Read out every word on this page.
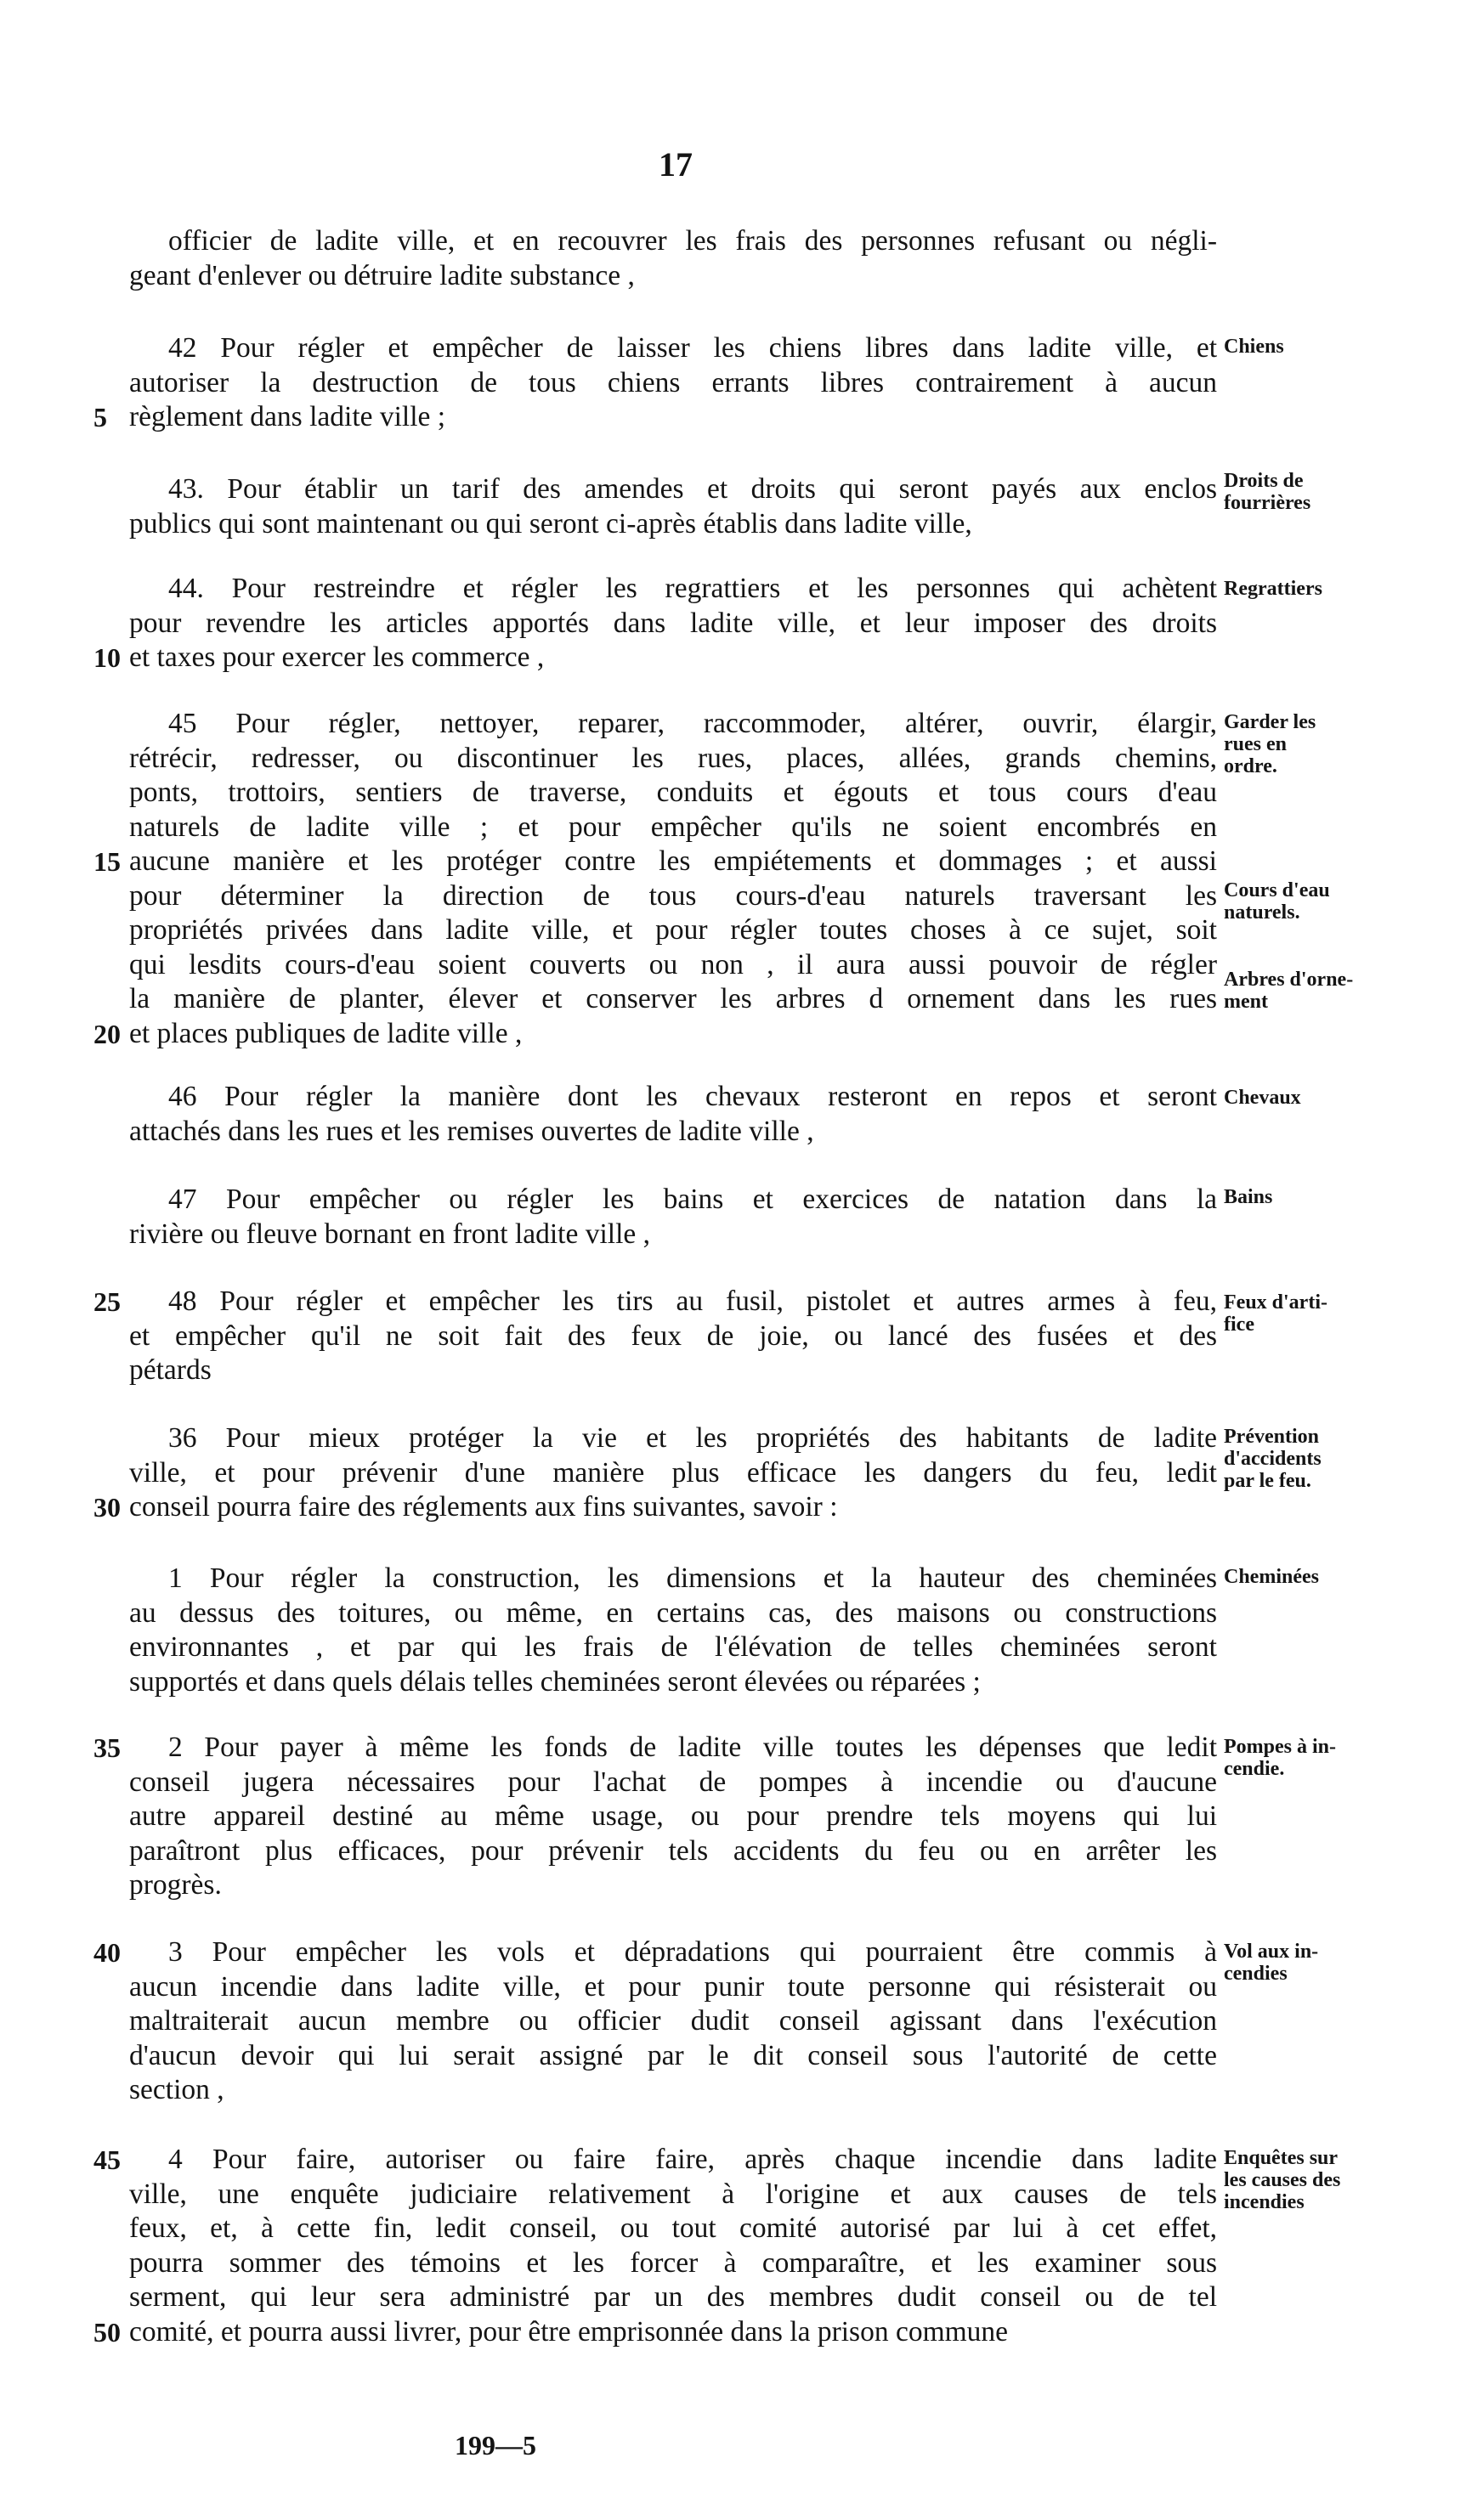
17
officier de ladite ville, et en recouvrer les frais des personnes refusant ou négli-
geant d'enlever ou détruire ladite substance ,
42 Pour régler et empêcher de laisser les chiens libres dans ladite ville, et
autoriser la destruction de tous chiens errants libres contrairement à aucun
règlement dans ladite ville ;
5
43. Pour établir un tarif des amendes et droits qui seront payés aux enclos
publics qui sont maintenant ou qui seront ci-après établis dans ladite ville,
44. Pour restreindre et régler les regrattiers et les personnes qui achètent
pour revendre les articles apportés dans ladite ville, et leur imposer des droits
et taxes pour exercer les commerce ,
10
45 Pour régler, nettoyer, reparer, raccommoder, altérer, ouvrir, élargir,
rétrécir, redresser, ou discontinuer les rues, places, allées, grands chemins,
ponts, trottoirs, sentiers de traverse, conduits et égouts et tous cours d'eau
naturels de ladite ville ; et pour empêcher qu'ils ne soient encombrés en
aucune manière et les protéger contre les empiétements et dommages ; et aussi
pour déterminer la direction de tous cours-d'eau naturels traversant les
propriétés privées dans ladite ville, et pour régler toutes choses à ce sujet, soit
qui lesdits cours-d'eau soient couverts ou non , il aura aussi pouvoir de régler
la manière de planter, élever et conserver les arbres d ornement dans les rues
et places publiques de ladite ville ,
15
20
46 Pour régler la manière dont les chevaux resteront en repos et seront
attachés dans les rues et les remises ouvertes de ladite ville ,
47 Pour empêcher ou régler les bains et exercices de natation dans la
rivière ou fleuve bornant en front ladite ville ,
48 Pour régler et empêcher les tirs au fusil, pistolet et autres armes à feu,
et empêcher qu'il ne soit fait des feux de joie, ou lancé des fusées et des
pétards
25
36 Pour mieux protéger la vie et les propriétés des habitants de ladite
ville, et pour prévenir d'une manière plus efficace les dangers du feu, ledit
conseil pourra faire des réglements aux fins suivantes, savoir :
30
1 Pour régler la construction, les dimensions et la hauteur des cheminées
au dessus des toitures, ou même, en certains cas, des maisons ou constructions
environnantes , et par qui les frais de l'élévation de telles cheminées seront
supportés et dans quels délais telles cheminées seront élevées ou réparées ;
2 Pour payer à même les fonds de ladite ville toutes les dépenses que ledit
conseil jugera nécessaires pour l'achat de pompes à incendie ou d'aucune
autre appareil destiné au même usage, ou pour prendre tels moyens qui lui
paraîtront plus efficaces, pour prévenir tels accidents du feu ou en arrêter les
progrès.
35
3 Pour empêcher les vols et dépradations qui pourraient être commis à
aucun incendie dans ladite ville, et pour punir toute personne qui résisterait ou
maltraiterait aucun membre ou officier dudit conseil agissant dans l'exécution
d'aucun devoir qui lui serait assigné par le dit conseil sous l'autorité de cette
section ,
40
4 Pour faire, autoriser ou faire faire, après chaque incendie dans ladite
ville, une enquête judiciaire relativement à l'origine et aux causes de tels
feux, et, à cette fin, ledit conseil, ou tout comité autorisé par lui à cet effet,
pourra sommer des témoins et les forcer à comparaître, et les examiner sous
serment, qui leur sera administré par un des membres dudit conseil ou de tel
comité, et pourra aussi livrer, pour être emprisonnée dans la prison commune
45
50
Chiens
Droits de
fourrières
Regrattiers
Garder les
rues en
ordre.
Cours d'eau
naturels.
Arbres d'orne-
ment
Chevaux
Bains
Feux d'arti-
fice
Prévention
d'accidents
par le feu.
Cheminées
Pompes à in-
cendie.
Vol aux in-
cendies
Enquêtes sur
les causes des
incendies
199—5
